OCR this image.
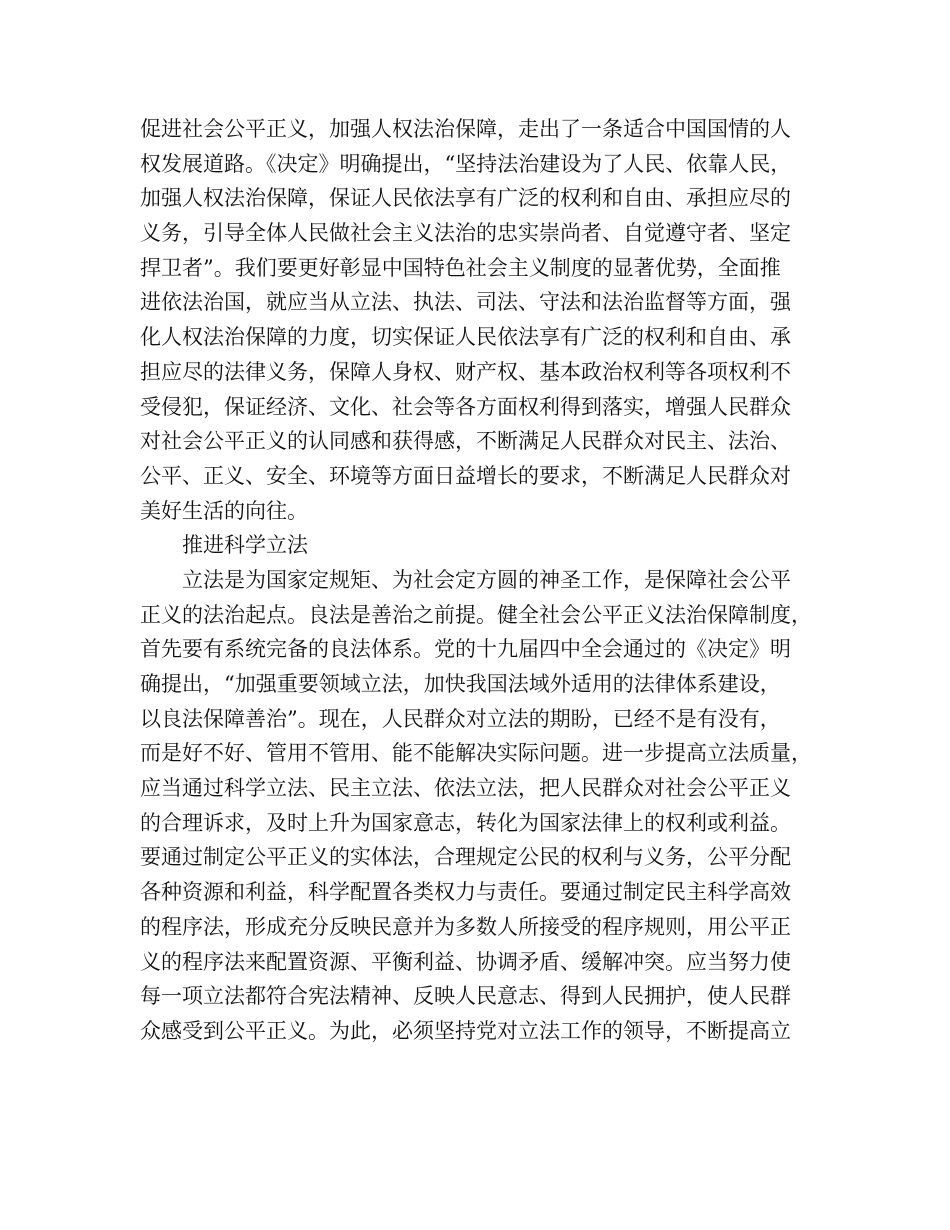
促进社会公平正义，加强人权法治保障，走出了一条适合中国国情的人
权发展道路。《决定》明确提出，“坚持法治建设为了人民、依靠人民，
加强人权法治保障，保证人民依法享有广泛的权利和自由、承担应尽的
义务，引导全体人民做社会主义法治的忠实崇尚者、自觉遵守者、坚定
捍卫者”。我们要更好彰显中国特色社会主义制度的显著优势，全面推
进依法治国，就应当从立法、执法、司法、守法和法治监督等方面，强
化人权法治保障的力度，切实保证人民依法享有广泛的权利和自由、承
担应尽的法律义务，保障人身权、财产权、基本政治权利等各项权利不
受侵犯，保证经济、文化、社会等各方面权利得到落实，增强人民群众
对社会公平正义的认同感和获得感，不断满足人民群众对民主、法治、
公平、正义、安全、环境等方面日益增长的要求，不断满足人民群众对
美好生活的向往。
推进科学立法
立法是为国家定规矩、为社会定方圆的神圣工作，是保障社会公平
正义的法治起点。良法是善治之前提。健全社会公平正义法治保障制度，
首先要有系统完备的良法体系。党的十九届四中全会通过的《决定》明
确提出，“加强重要领域立法，加快我国法域外适用的法律体系建设，
以良法保障善治”。现在，人民群众对立法的期盼，已经不是有没有，
而是好不好、管用不管用、能不能解决实际问题。进一步提高立法质量，
应当通过科学立法、民主立法、依法立法，把人民群众对社会公平正义
的合理诉求，及时上升为国家意志，转化为国家法律上的权利或利益。
要通过制定公平正义的实体法，合理规定公民的权利与义务，公平分配
各种资源和利益，科学配置各类权力与责任。要通过制定民主科学高效
的程序法，形成充分反映民意并为多数人所接受的程序规则，用公平正
义的程序法来配置资源、平衡利益、协调矛盾、缓解冲突。应当努力使
每一项立法都符合宪法精神、反映人民意志、得到人民拥护，使人民群
众感受到公平正义。为此，必须坚持党对立法工作的领导，不断提高立
